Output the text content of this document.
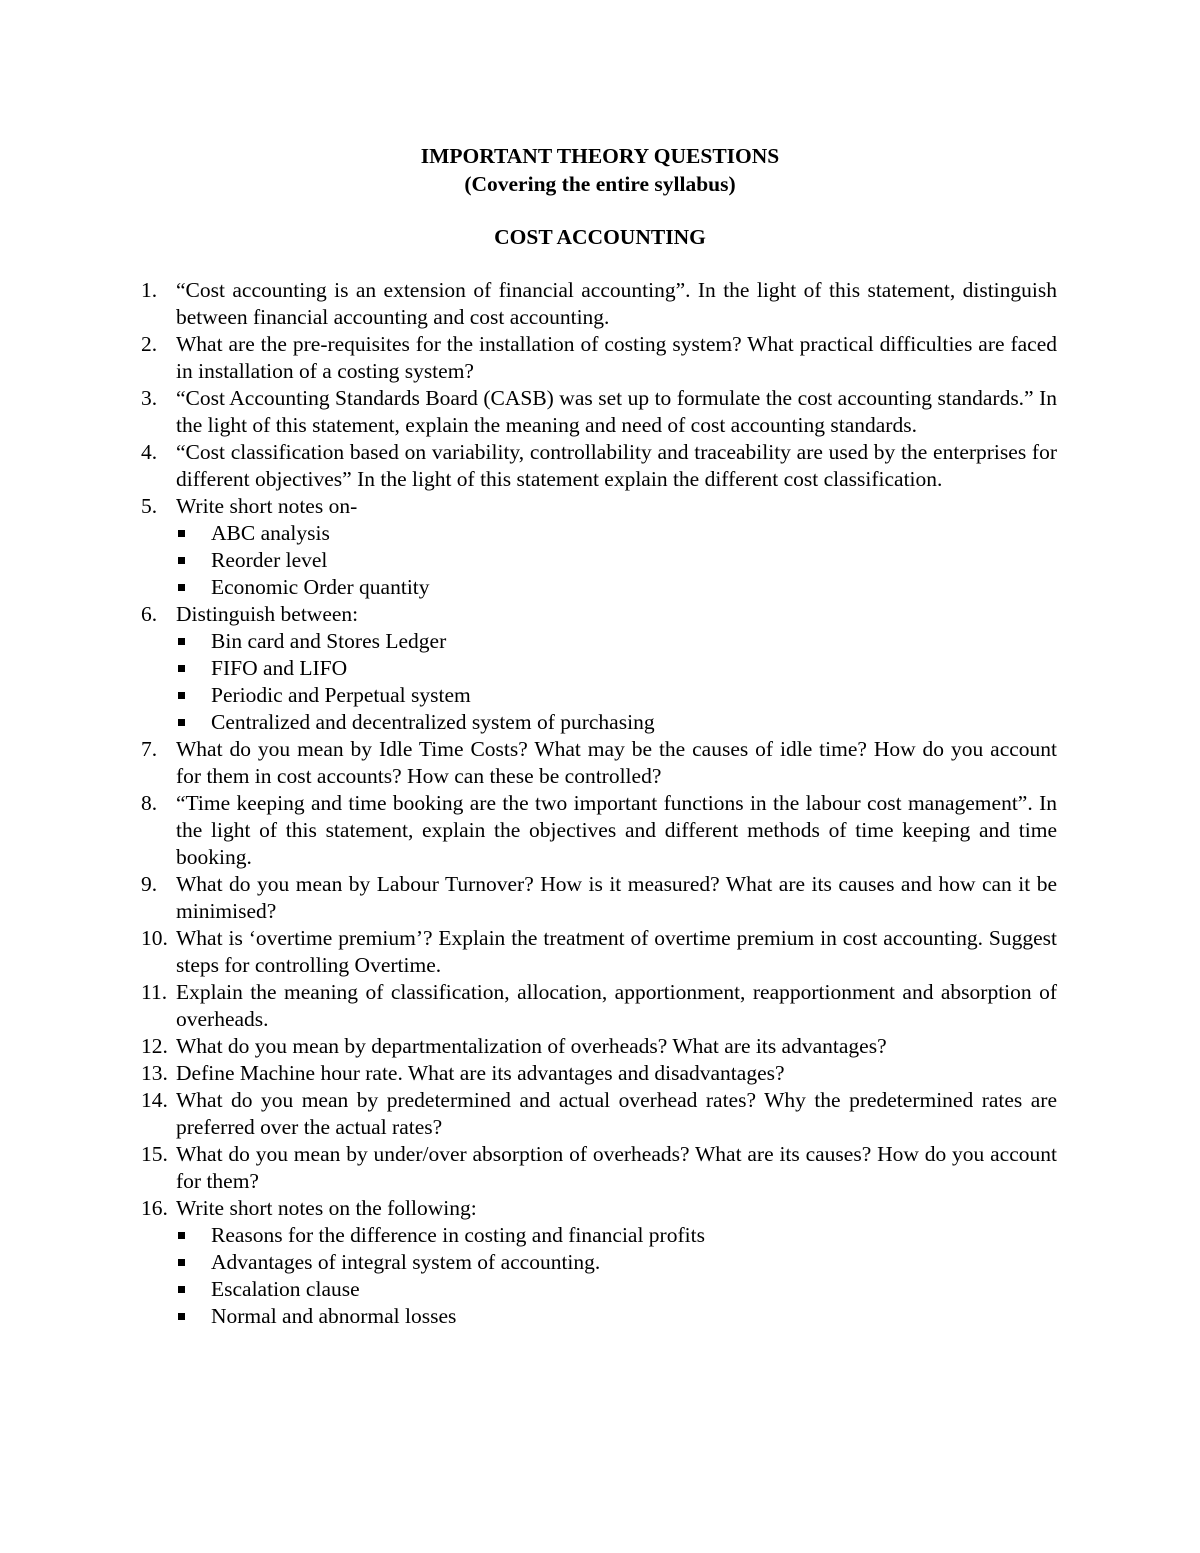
IMPORTANT THEORY QUESTIONS

(Covering the entire syllabus)

COST ACCOUNTING

1. “Cost accounting is an extension of financial accounting”. In the light of this statement, distinguish between financial accounting and cost accounting.
2. What are the pre-requisites for the installation of costing system? What practical difficulties are faced in installation of a costing system?
3. “Cost Accounting Standards Board (CASB) was set up to formulate the cost accounting standards.” In the light of this statement, explain the meaning and need of cost accounting standards.
4. “Cost classification based on variability, controllability and traceability are used by the enterprises for different objectives” In the light of this statement explain the different cost classification.
5. Write short notes on-
ABC analysis
Reorder level
Economic Order quantity
6. Distinguish between:
Bin card and Stores Ledger
FIFO and LIFO
Periodic and Perpetual system
Centralized and decentralized system of purchasing
7. What do you mean by Idle Time Costs? What may be the causes of idle time? How do you account for them in cost accounts? How can these be controlled?
8. “Time keeping and time booking are the two important functions in the labour cost management”. In the light of this statement, explain the objectives and different methods of time keeping and time booking.
9. What do you mean by Labour Turnover? How is it measured? What are its causes and how can it be minimised?
10. What is ‘overtime premium’? Explain the treatment of overtime premium in cost accounting. Suggest steps for controlling Overtime.
11. Explain the meaning of classification, allocation, apportionment, reapportionment and absorption of overheads.
12. What do you mean by departmentalization of overheads? What are its advantages?
13. Define Machine hour rate. What are its advantages and disadvantages?
14. What do you mean by predetermined and actual overhead rates? Why the predetermined rates are preferred over the actual rates?
15. What do you mean by under/over absorption of overheads? What are its causes? How do you account for them?
16. Write short notes on the following:
Reasons for the difference in costing and financial profits
Advantages of integral system of accounting.
Escalation clause
Normal and abnormal losses
